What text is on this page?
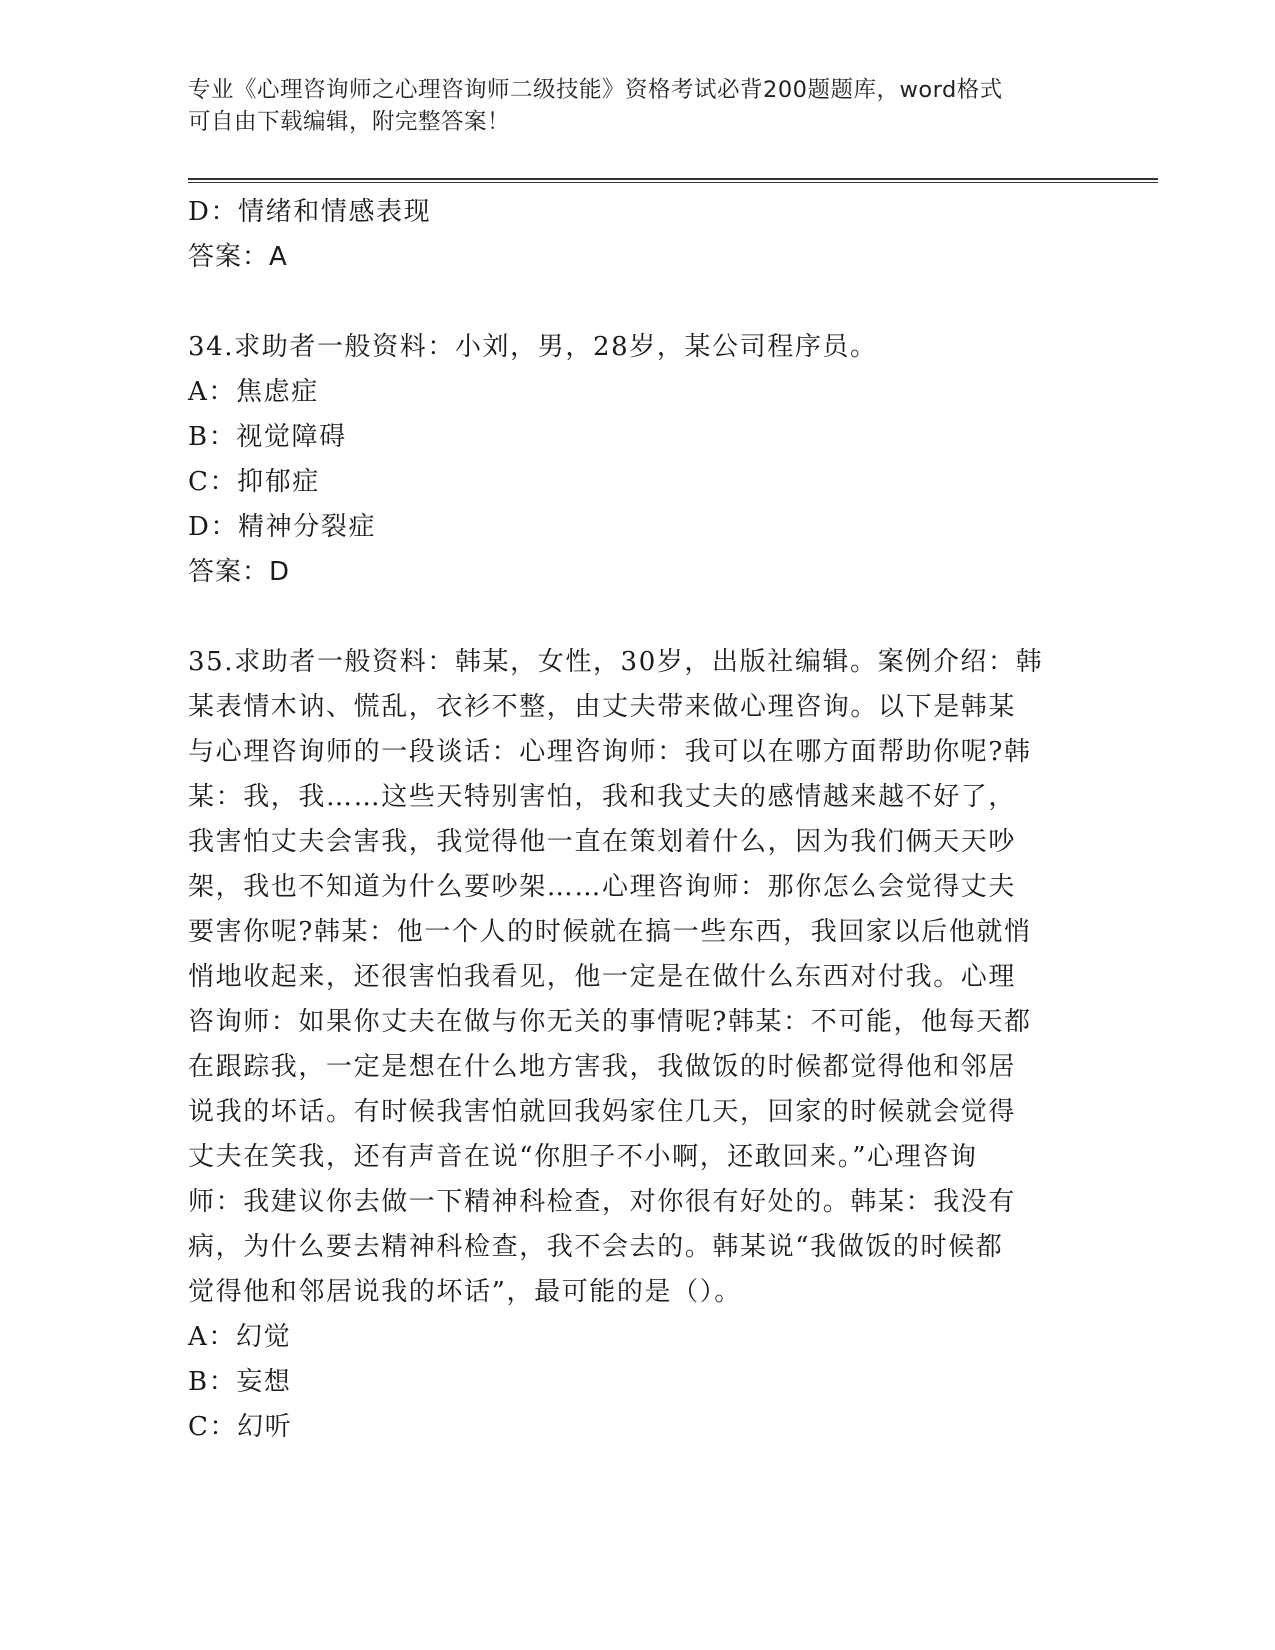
专业《心理咨询师之心理咨询师二级技能》资格考试必背200题题库，word格式
可自由下载编辑，附完整答案！
D：情绪和情感表现
答案：A
34.求助者一般资料：小刘，男，28岁，某公司程序员。
A：焦虑症
B：视觉障碍
C：抑郁症
D：精神分裂症
答案：D
35.求助者一般资料：韩某，女性，30岁，出版社编辑。案例介绍：韩
某表情木讷、慌乱，衣衫不整，由丈夫带来做心理咨询。以下是韩某
与心理咨询师的一段谈话：心理咨询师：我可以在哪方面帮助你呢?韩
某：我，我……这些天特别害怕，我和我丈夫的感情越来越不好了，
我害怕丈夫会害我，我觉得他一直在策划着什么，因为我们俩天天吵
架，我也不知道为什么要吵架……心理咨询师：那你怎么会觉得丈夫
要害你呢?韩某：他一个人的时候就在搞一些东西，我回家以后他就悄
悄地收起来，还很害怕我看见，他一定是在做什么东西对付我。心理
咨询师：如果你丈夫在做与你无关的事情呢?韩某：不可能，他每天都
在跟踪我，一定是想在什么地方害我，我做饭的时候都觉得他和邻居
说我的坏话。有时候我害怕就回我妈家住几天，回家的时候就会觉得
丈夫在笑我，还有声音在说“你胆子不小啊，还敢回来。”心理咨询
师：我建议你去做一下精神科检查，对你很有好处的。韩某：我没有
病，为什么要去精神科检查，我不会去的。韩某说“我做饭的时候都
觉得他和邻居说我的坏话”，最可能的是（）。
A：幻觉
B：妄想
C：幻听
